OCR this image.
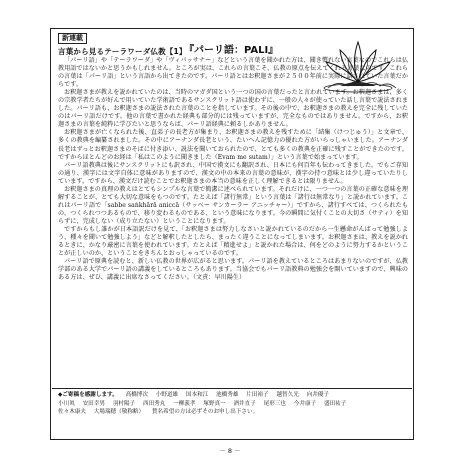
新連載
言葉から見るテーラワーダ仏教【1】
『パーリ語：PALI』

「パーリ語」や「テーラワーダ」や「ヴィパッサナー」などという言葉を聞かれた方は、聞き慣れない言葉なのでこれらは仏教用語ではないかと思うかもしれません。ところが実は、これらの言葉こそ、仏教の原点を伝えてくれる言葉なのです。これらの言葉は「パーリ語」という言語から出てきたのです。パーリ語とはお釈迦さまが２５００年前に実際に話されていた言葉だからです。

お釈迦さまが教えを説かれていたのは、当時のマガダ国という一つの国の言葉だったと言われています。お釈迦さまは、多くの宗教学者たちが好んで用いていた学術語であるサンスクリット語は使わずに、一般の人々が使っていた話し言葉で説法されました。パーリ語も、お釈迦さまの説法された言葉のことを指しています。その後の中で、お釈迦さまの教えを完全に残していたのはパーリ語だけです。他の言葉で書かれた経典も部分的には残っていますが、完全なものではありません。ですから、お釈迦さまの言葉を純粋に学びたいと思うならば、パーリ語経典に頼るしかありません。

お釈迦さまが亡くなられた後、直弟子の長老方が集まり、お釈迦さまの教えを残すために「結集（けつじゅう）」と文章で、多くの教典を編纂されました。その中にアーナンダ長老という、たいへん記憶力の優れた方がいらっしゃいました。アーナンダ長老はずっとお釈迦さまのそばに付き添い、説法を聞いておられたので、とても多くの教典を正確に残すことができたのです。ですからほとんどのお経は「私はこのように聞きました（Evam me sutam）」という言葉で始まっています。

パーリ語教典は後にサンスクリットにも訳され、中国で漢文にも翻訳され、日本にも何百年も伝わってきました。でもご存知の通り、漢字には文字自体に意味がありますので、漢文の中の本来の言葉の意味が、漢字の持つ意味とは少し違っていたりしています。ですから、漢文だけ読むことでお釈迦さまの本当の意味を正しく理解できるとは限りません。

お釈迦さまの真理の教えはとてもシンプルな言葉で簡潔に述べられています。それだけに、一つ一つの言葉の正確な意味を理解することが、とても大切な意味をもつのです。たとえば「諸行無常」という言葉は「諸行は無常なり」と説かれています。これはパーリ語で「sabbe saṅkhārā aniccā（サッベー サンカーラー アニッチャー）」ですから、諸行すべては、つくられたもの、つくられつつあるもので、移り変わるものである、という意味になります。今の瞬間に気付くことの大切さ（サティ）を知らずに、完成しない（成り立たない）ということになります。

ですからもし誰かが日本語訳だけを見て、「お釈迦さまは努力しなさいと説かれているのだから一生懸命がんばって勉強しよう、種々を聞いて勉強しよう」などと解釈したとしたら、まったく違うことになってしまいます。お釈迦さまは、教えを説かれるときに、かなり厳密に言葉を使われています。たとえば「精進せよ」と説かれた場合は、何をどのように努力するかということが正しいのか、ということをきちんとおっしゃっているのです。

パーリ語で原典を読むと、新しい仏教の世界が広がると思います。パーリ語を教えているところはあまりないのですが、仏教学部のある大学でパーリ語の講義をしているところもあります。当協会でもパーリ語教典の勉強会を開いていますので、興味のある方は、ぜひ、講義に出席なさってください。（文責：早川陽生）

◆ご寄稿を感謝します。 高橋博次 小野道雄 国本和江 池橋秀雄 片田裕子 越智久光 向井優子
小川眞 安田幸男 羽村陽子 西田秀丸 一柳義孝 塚野真一 酒井直子 尾形三也 今井康子 盛田祐子
佐々木康夫 大場瑞穂（敬称略） 賛名希望の方は必ずそのお申し出下さい。
－ 8 －
